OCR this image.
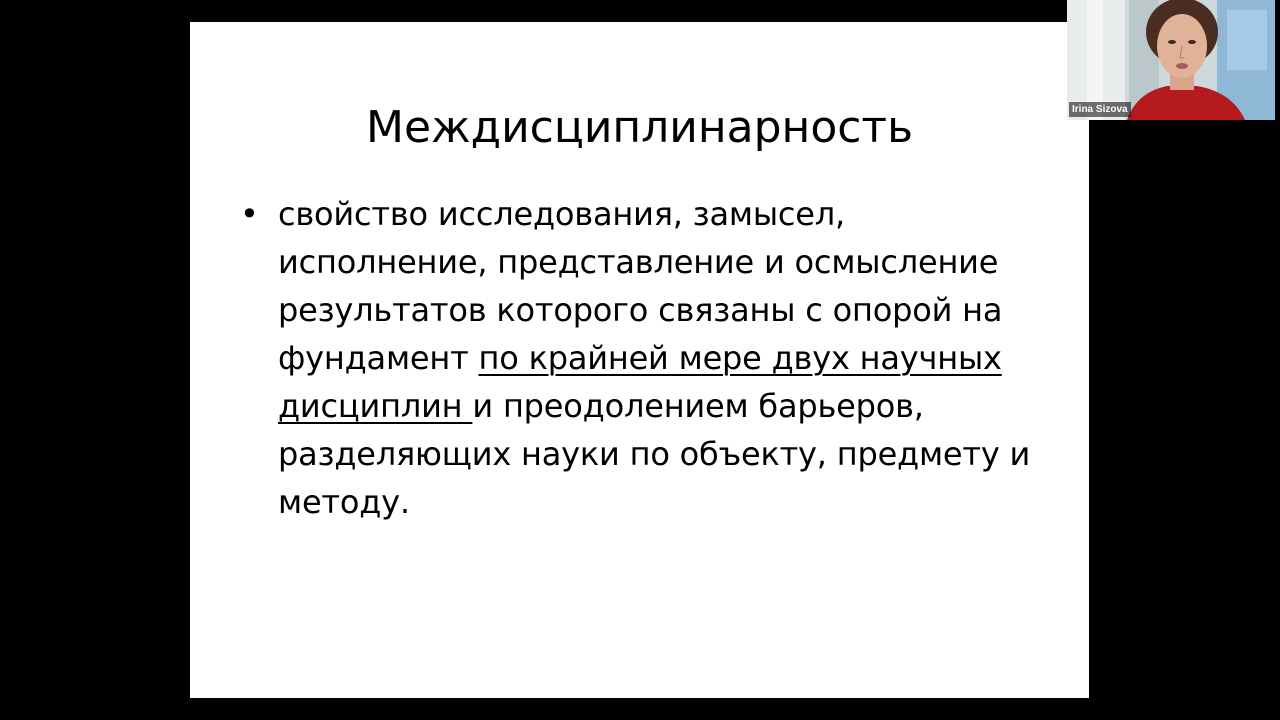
Междисциплинарность
• свойство исследования, замысел, исполнение, представление и осмысление результатов которого связаны с опорой на фундамент по крайней мере двух научных дисциплин и преодолением барьеров, разделяющих науки по объекту, предмету и методу.
Irina Sizova
